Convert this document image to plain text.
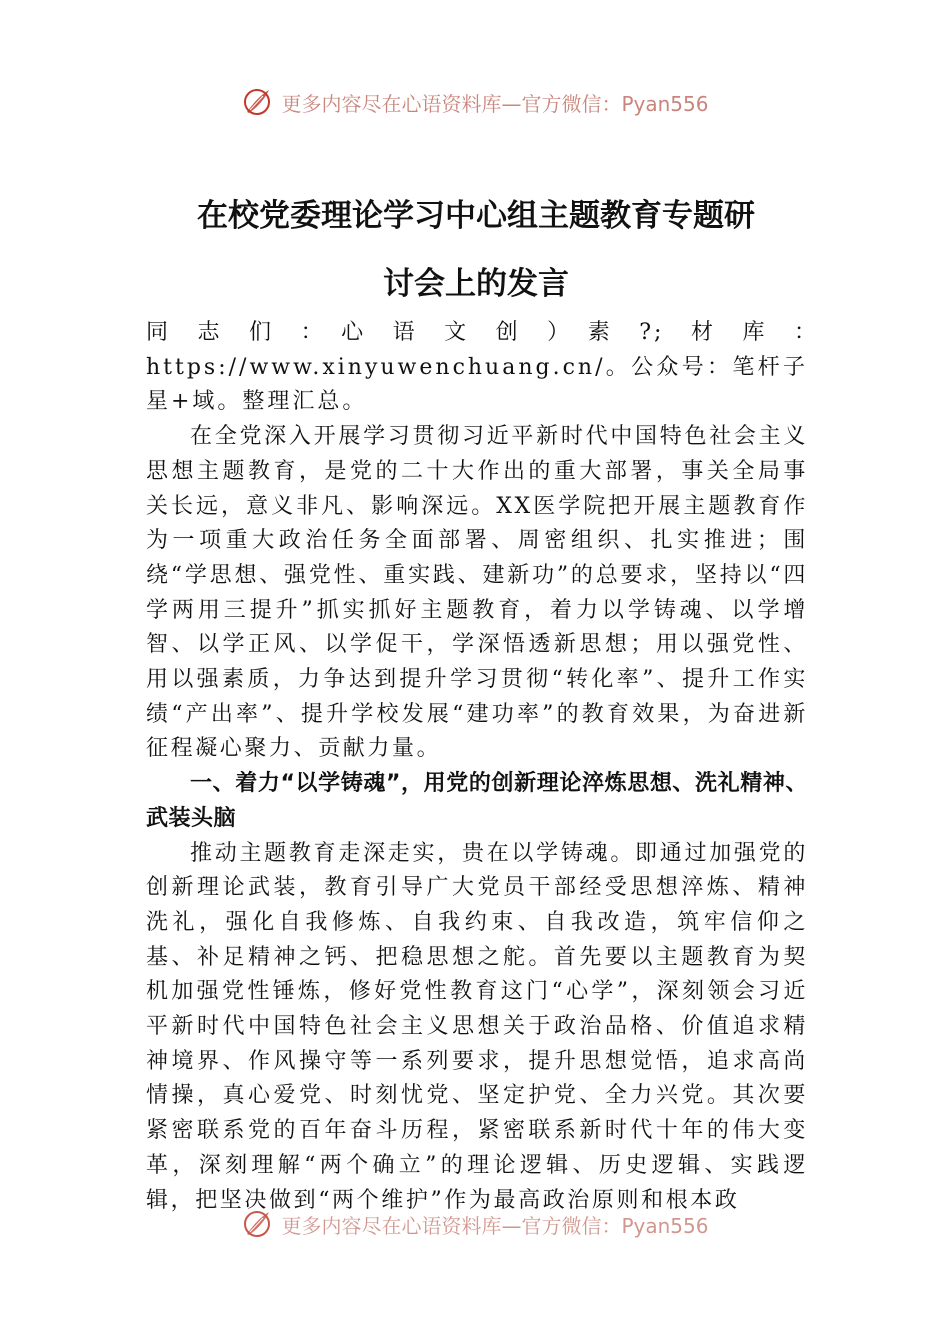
更多内容尽在心语资料库—官方微信：Pyan556
在校党委理论学习中心组主题教育专题研
讨会上的发言

同　志　们　：　心　语　文　创　）　素　?;　材　库　：　https://www.xinyuwenchuang.cn/。公众号：笔杆子星+域。整理汇总。

在全党深入开展学习贯彻习近平新时代中国特色社会主义思想主题教育，是党的二十大作出的重大部署，事关全局事关长远，意义非凡、影响深远。XX医学院把开展主题教育作为一项重大政治任务全面部署、周密组织、扎实推进；围绕“学思想、强党性、重实践、建新功”的总要求，坚持以“四学两用三提升”抓实抓好主题教育，着力以学铸魂、以学增智、以学正风、以学促干，学深悟透新思想；用以强党性、用以强素质，力争达到提升学习贯彻“转化率”、提升工作实绩“产出率”、提升学校发展“建功率”的教育效果，为奋进新征程凝心聚力、贡献力量。

一、着力“以学铸魂”，用党的创新理论淬炼思想、洗礼精神、武装头脑

推动主题教育走深走实，贵在以学铸魂。即通过加强党的创新理论武装，教育引导广大党员干部经受思想淬炼、精神洗礼，强化自我修炼、自我约束、自我改造，筑牢信仰之基、补足精神之钙、把稳思想之舵。首先要以主题教育为契机加强党性锤炼，修好党性教育这门“心学”，深刻领会习近平新时代中国特色社会主义思想关于政治品格、价值追求精神境界、作风操守等一系列要求，提升思想觉悟，追求高尚情操，真心爱党、时刻忧党、坚定护党、全力兴党。其次要紧密联系党的百年奋斗历程，紧密联系新时代十年的伟大变革，深刻理解“两个确立”的理论逻辑、历史逻辑、实践逻辑，把坚决做到“两个维护”作为最高政治原则和根本政

更多内容尽在心语资料库—官方微信：Pyan556
